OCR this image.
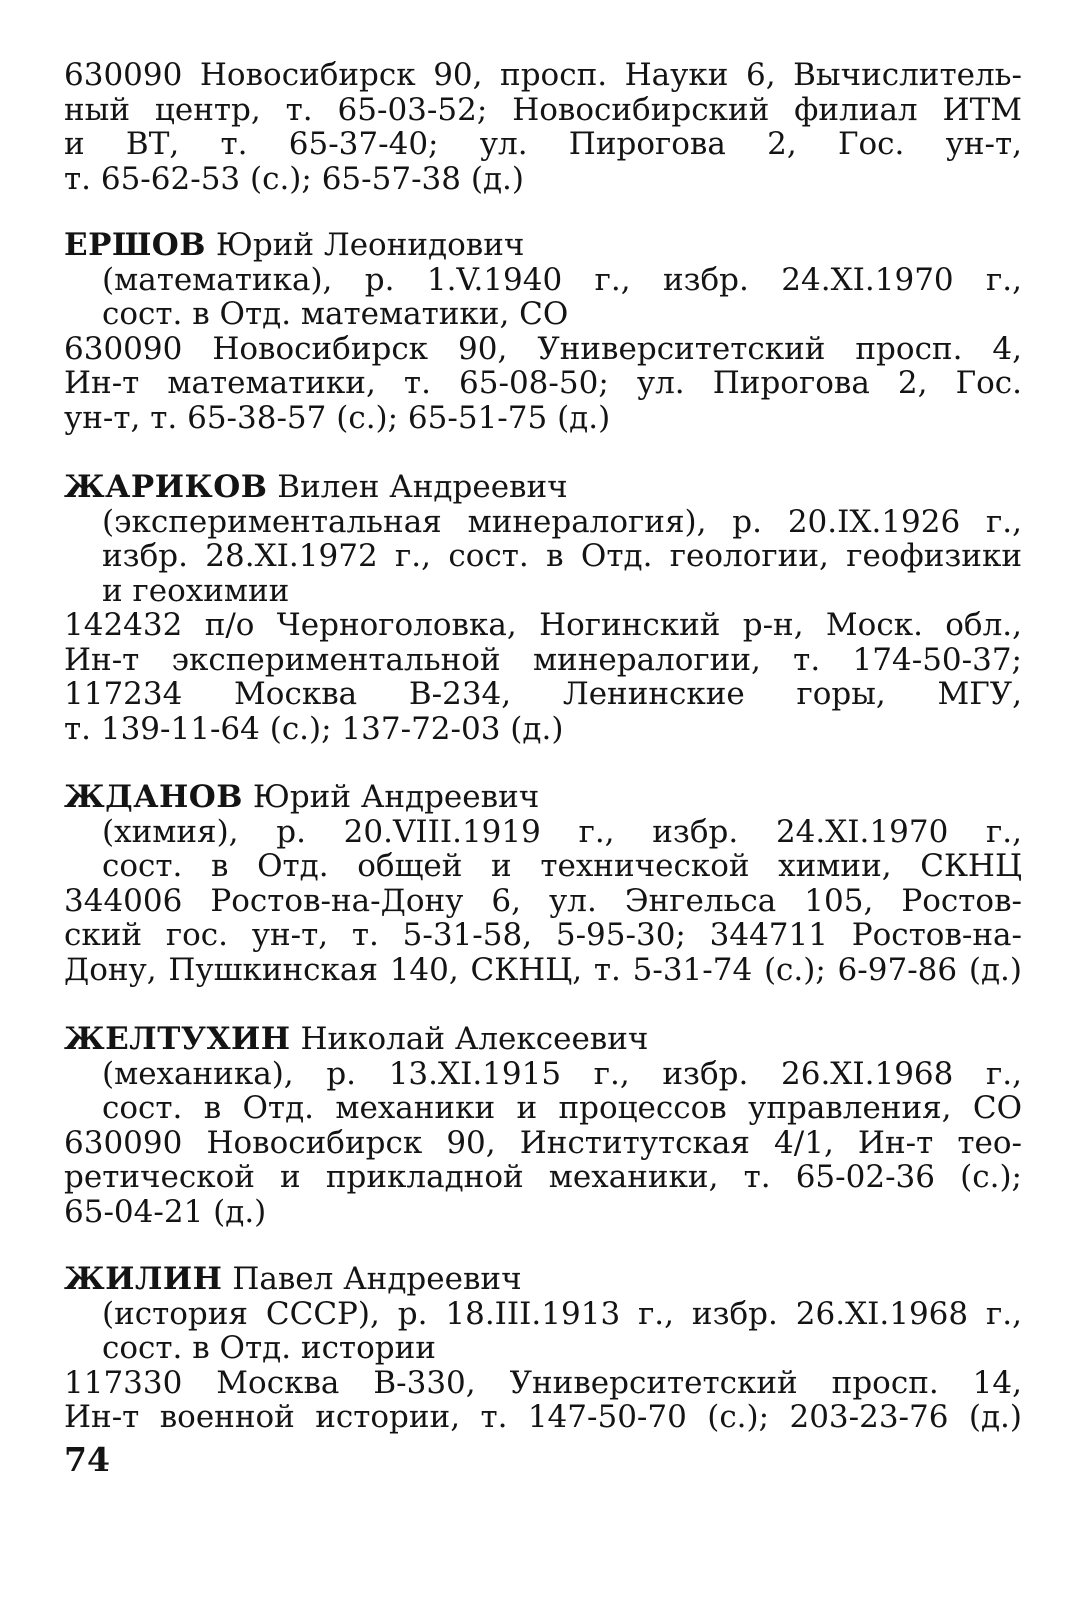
630090 Новосибирск 90, просп. Науки 6, Вычислитель-
ный центр, т. 65-03-52; Новосибирский филиал ИТМ
и ВТ, т. 65-37-40; ул. Пирогова 2, Гос. ун-т,
т. 65-62-53 (с.); 65-57-38 (д.)
ЕРШОВ Юрий Леонидович
(математика), р. 1.V.1940 г., избр. 24.XI.1970 г.,
сост. в Отд. математики, СО
630090 Новосибирск 90, Университетский просп. 4,
Ин-т математики, т. 65-08-50; ул. Пирогова 2, Гос.
ун-т, т. 65-38-57 (с.); 65-51-75 (д.)
ЖАРИКОВ Вилен Андреевич
(экспериментальная минералогия), р. 20.IX.1926 г.,
избр. 28.XI.1972 г., сост. в Отд. геологии, геофизики
и геохимии
142432 п/о Черноголовка, Ногинский р-н, Моск. обл.,
Ин-т экспериментальной минералогии, т. 174-50-37;
117234 Москва В-234, Ленинские горы, МГУ,
т. 139-11-64 (с.); 137-72-03 (д.)
ЖДАНОВ Юрий Андреевич
(химия), р. 20.VIII.1919 г., избр. 24.XI.1970 г.,
сост. в Отд. общей и технической химии, СКНЦ
344006 Ростов-на-Дону 6, ул. Энгельса 105, Ростов-
ский гос. ун-т, т. 5-31-58, 5-95-30; 344711 Ростов-на-
Дону, Пушкинская 140, СКНЦ, т. 5-31-74 (с.); 6-97-86 (д.)
ЖЕЛТУХИН Николай Алексеевич
(механика), р. 13.XI.1915 г., избр. 26.XI.1968 г.,
сост. в Отд. механики и процессов управления, СО
630090 Новосибирск 90, Институтская 4/1, Ин-т тео-
ретической и прикладной механики, т. 65-02-36 (с.);
65-04-21 (д.)
ЖИЛИН Павел Андреевич
(история СССР), р. 18.III.1913 г., избр. 26.XI.1968 г.,
сост. в Отд. истории
117330 Москва В-330, Университетский просп. 14,
Ин-т военной истории, т. 147-50-70 (с.); 203-23-76 (д.)
74
